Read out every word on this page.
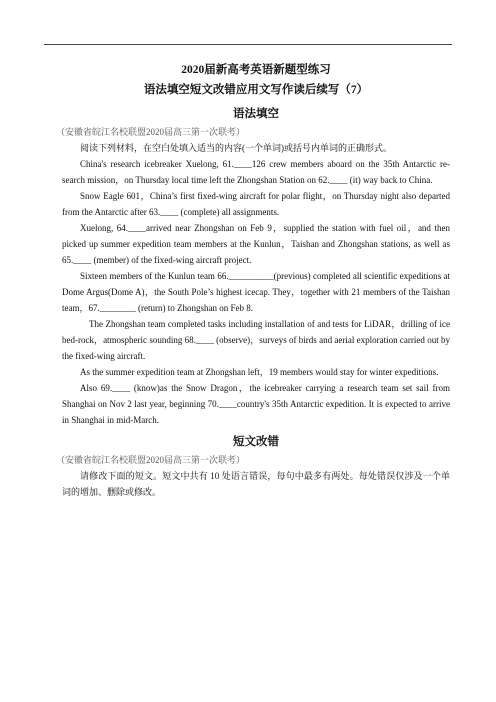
2020届新高考英语新题型练习

语法填空短文改错应用文写作读后续写（7）

语法填空

（安徽省皖江名校联盟2020届高三第一次联考）

阅读下列材料，在空白处填入适当的内容(一个单词)或括号内单词的正确形式。

China's research icebreaker Xuelong, 61.____126 crew members aboard on the 35th Antarctic re-search mission，on Thursday local time left the Zhongshan Station on 62.____ (it) way back to China.

Snow Eagle 601，China’s first fixed-wing aircraft for polar flight，on Thursday night also departed from the Antarctic after 63.____ (complete) all assignments.

Xuelong, 64.____arrived near Zhongshan on Feb 9，supplied the station with fuel oil，and then picked up summer expedition team members at the Kunlun，Taishan and Zhongshan stations, as well as 65.____ (member) of the fixed-wing aircraft project.

Sixteen members of the Kunlun team 66.__________(previous) completed all scientific expeditions at Dome Argus(Dome A)，the South Pole’s highest icecap. They，together with 21 members of the Taishan team，67.________ (return) to Zhongshan on Feb 8.

The Zhongshan team completed tasks including installation of and tests for LiDAR，drilling of ice bed-rock，atmospheric sounding 68.____ (observe)，surveys of birds and aerial exploration carried out by the fixed-wing aircraft.

As the summer expedition team at Zhongshan left，19 members would stay for winter expeditions.

Also 69.____ (know)as the Snow Dragon，the icebreaker carrying a research team set sail from Shanghai on Nov 2 last year, beginning 70.____country's 35th Antarctic expedition. It is expected to arrive in Shanghai in mid-March.

短文改错

（安徽省皖江名校联盟2020届高三第一次联考）

请修改下面的短文。短文中共有 10 处语言错误，每句中最多有两处。每处错误仅涉及一个单词的增加、删除或修改。
